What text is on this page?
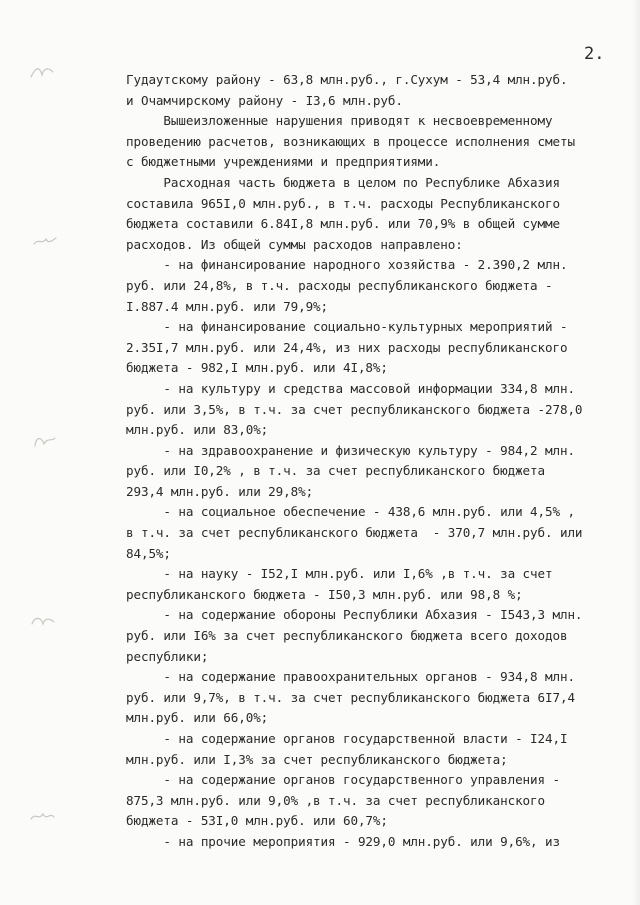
2.
Гудаутскому району - 63,8 млн.руб., г.Сухум - 53,4 млн.руб.
и Очамчирскому району - I3,6 млн.руб.
Вышеизложенные нарушения приводят к несвоевременному
проведению расчетов, возникающих в процессе исполнения сметы
с бюджетными учреждениями и предприятиями.
Расходная часть бюджета в целом по Республике Абхазия
составила 965I,0 млн.руб., в т.ч. расходы Республиканского
бюджета составили 6.84I,8 млн.руб. или 70,9% в общей сумме
расходов. Из общей суммы расходов направлено:
- на финансирование народного хозяйства - 2.390,2 млн.
руб. или 24,8%, в т.ч. расходы республиканского бюджета -
I.887.4 млн.руб. или 79,9%;
- на финансирование социально-культурных мероприятий -
2.35I,7 млн.руб. или 24,4%, из них расходы республиканского
бюджета - 982,I млн.руб. или 4I,8%;
- на культуру и средства массовой информации 334,8 млн.
руб. или 3,5%, в т.ч. за счет республиканского бюджета -278,0
млн.руб. или 83,0%;
- на здравоохранение и физическую культуру - 984,2 млн.
руб. или I0,2% , в т.ч. за счет республиканского бюджета
293,4 млн.руб. или 29,8%;
- на социальное обеспечение - 438,6 млн.руб. или 4,5% ,
в т.ч. за счет республиканского бюджета  - 370,7 млн.руб. или
84,5%;
- на науку - I52,I млн.руб. или I,6% ,в т.ч. за счет
республиканского бюджета - I50,3 млн.руб. или 98,8 %;
- на содержание обороны Республики Абхазия - I543,3 млн.
руб. или I6% за счет республиканского бюджета всего доходов
республики;
- на содержание правоохранительных органов - 934,8 млн.
руб. или 9,7%, в т.ч. за счет республиканского бюджета 6I7,4
млн.руб. или 66,0%;
- на содержание органов государственной власти - I24,I
млн.руб. или I,3% за счет республиканского бюджета;
- на содержание органов государственного управления -
875,3 млн.руб. или 9,0% ,в т.ч. за счет республиканского
бюджета - 53I,0 млн.руб. или 60,7%;
- на прочие мероприятия - 929,0 млн.руб. или 9,6%, из
